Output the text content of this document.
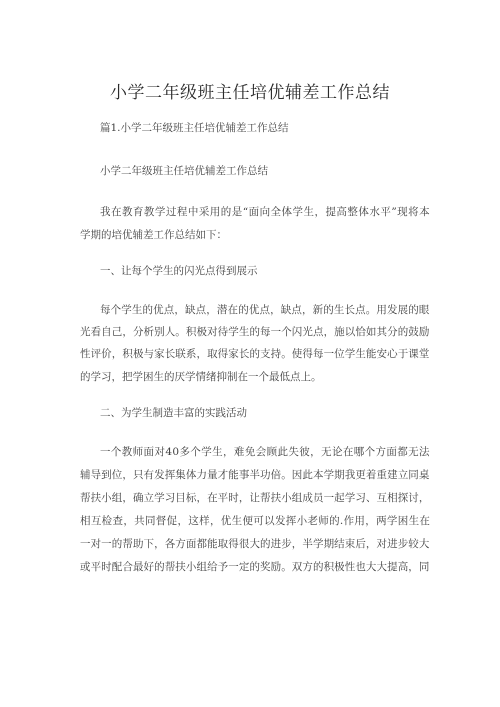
小学二年级班主任培优辅差工作总结
篇1.小学二年级班主任培优辅差工作总结
小学二年级班主任培优辅差工作总结
我在教育教学过程中采用的是“面向全体学生，提高整体水平”现将本
学期的培优辅差工作总结如下：
一、让每个学生的闪光点得到展示
每个学生的优点，缺点，潜在的优点，缺点，新的生长点。用发展的眼
光看自己，分析别人。积极对待学生的每一个闪光点，施以恰如其分的鼓励
性评价，积极与家长联系，取得家长的支持。使得每一位学生能安心于课堂
的学习，把学困生的厌学情绪抑制在一个最低点上。
二、为学生制造丰富的实践活动
一个教师面对40多个学生，难免会顾此失彼，无论在哪个方面都无法
辅导到位，只有发挥集体力量才能事半功倍。因此本学期我更着重建立同桌
帮扶小组，确立学习目标，在平时，让帮扶小组成员一起学习、互相探讨，
相互检查，共同督促，这样，优生便可以发挥小老师的.作用，两学困生在
一对一的帮助下，各方面都能取得很大的进步，半学期结束后，对进步较大
或平时配合最好的帮扶小组给予一定的奖励。双方的积极性也大大提高，同
